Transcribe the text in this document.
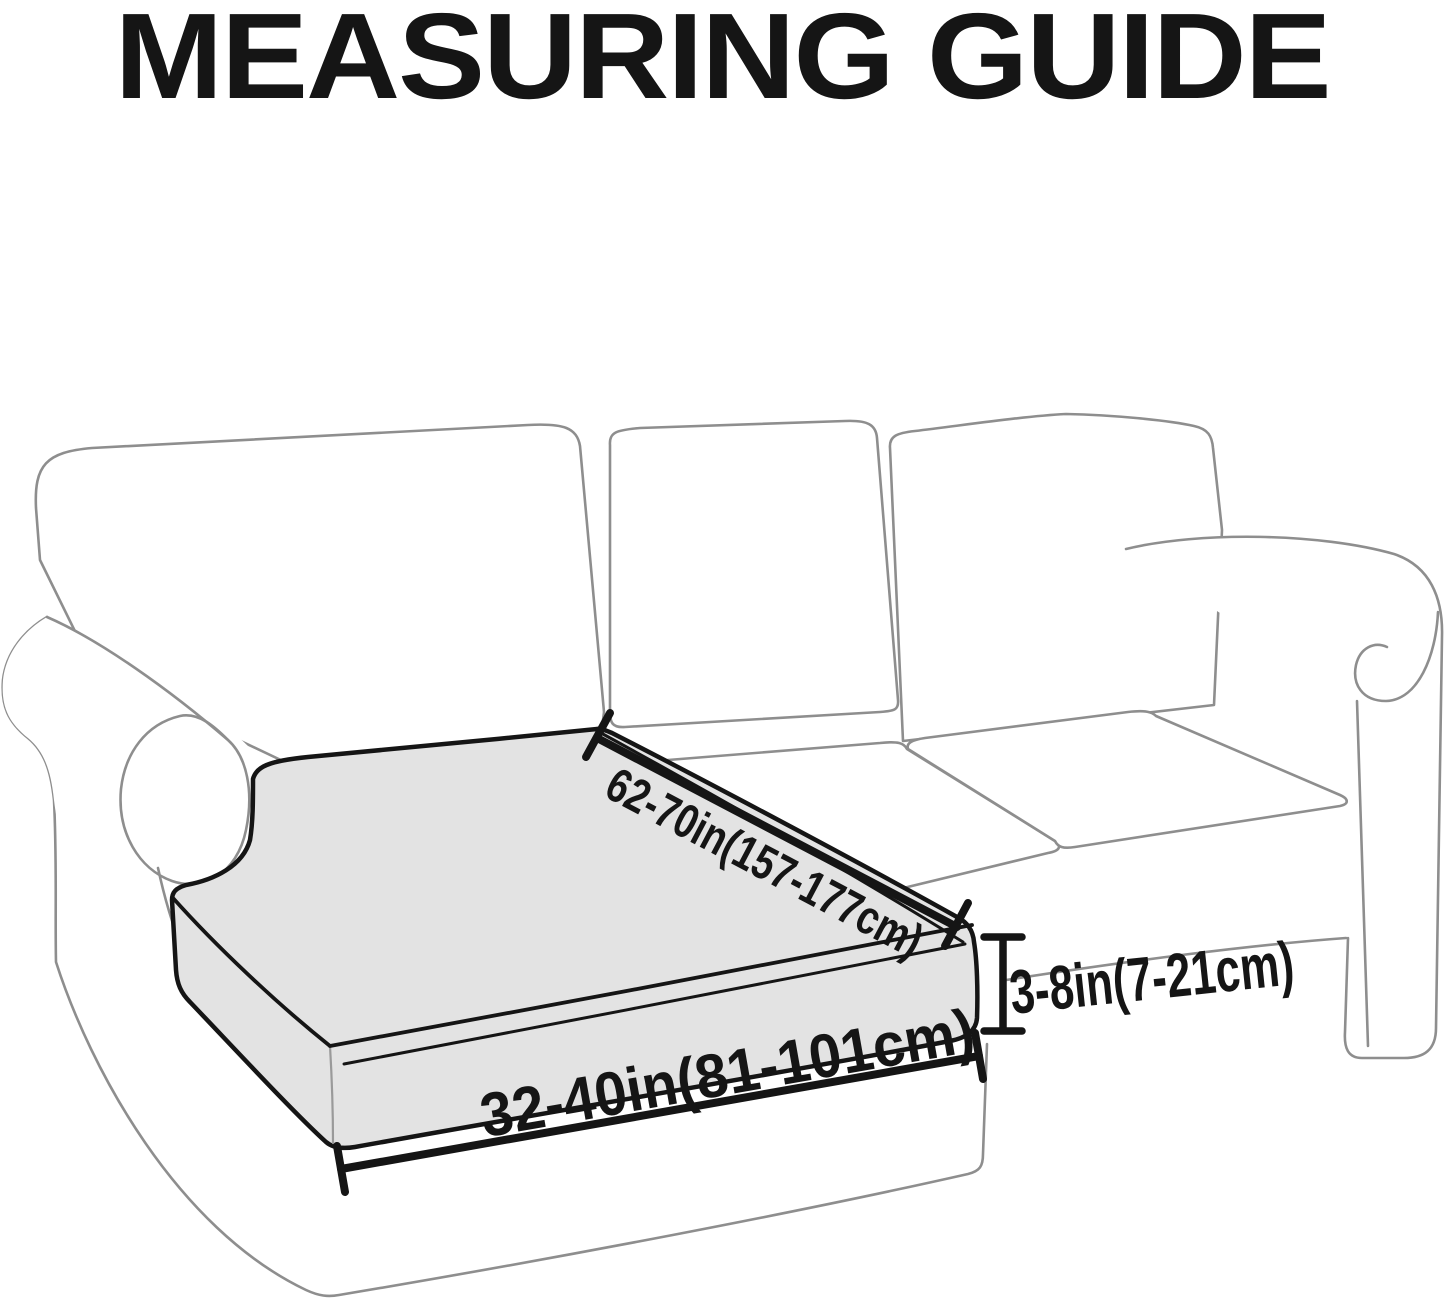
MEASURING GUIDE
62-70in(157-177cm)
32-40in(81-101cm)
3-8in(7-21cm)
